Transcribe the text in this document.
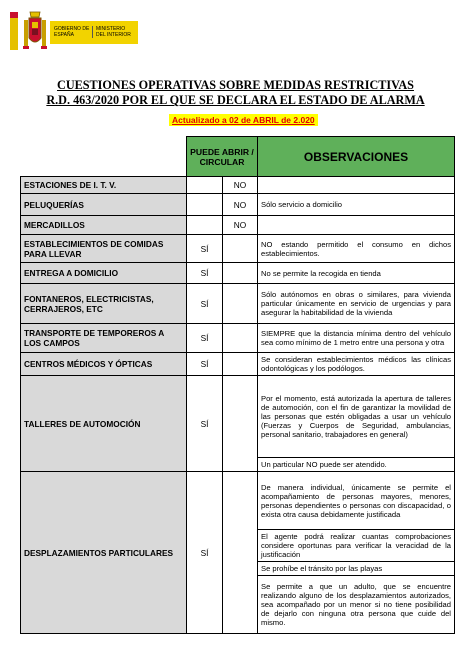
GOBIERNO DE ESPAÑA
MINISTERIO DEL INTERIOR
CUESTIONES OPERATIVAS SOBRE MEDIDAS RESTRICTIVAS
R.D. 463/2020 POR EL QUE SE DECLARA EL ESTADO DE ALARMA
Actualizado a 02 de ABRIL de 2.020
	PUEDE ABRIR / CIRCULAR		OBSERVACIONES
ESTACIONES DE I. T. V.		NO	
PELUQUERÍAS		NO	Sólo servicio a domicilio
MERCADILLOS		NO	
ESTABLECIMIENTOS DE COMIDAS PARA LLEVAR	SÍ		NO estando permitido el consumo en dichos establecimientos.
ENTREGA A DOMICILIO	SÍ		No se permite la recogida en tienda
FONTANEROS, ELECTRICISTAS, CERRAJEROS, ETC	SÍ		Sólo autónomos en obras o similares, para vivienda particular únicamente en servicio de urgencias y para asegurar la habitabilidad de la vivienda
TRANSPORTE DE TEMPOREROS A LOS CAMPOS	SÍ		SIEMPRE que la distancia mínima dentro del vehículo sea como mínimo de 1 metro entre una persona y otra
CENTROS MÉDICOS Y ÓPTICAS	SÍ		Se consideran establecimientos médicos las clínicas odontológicas y los podólogos.
TALLERES DE AUTOMOCIÓN	SÍ		Por el momento, está autorizada la apertura de talleres de automoción, con el fin de garantizar la movilidad de las personas que estén obligadas a usar un vehículo (Fuerzas y Cuerpos de Seguridad, ambulancias, personal sanitario, trabajadores en general)
			Un particular NO puede ser atendido.
DESPLAZAMIENTOS PARTICULARES	SÍ		De manera individual, únicamente se permite el acompañamiento de personas mayores, menores, personas dependientes o personas con discapacidad, o exista otra causa debidamente justificada
			El agente podrá realizar cuantas comprobaciones considere oportunas para verificar la veracidad de la justificación
			Se prohíbe el tránsito por las playas
			Se permite a que un adulto, que se encuentre realizando alguno de los desplazamientos autorizados, sea acompañado por un menor si no tiene posibilidad de dejarlo con ninguna otra persona que cuide del mismo.
